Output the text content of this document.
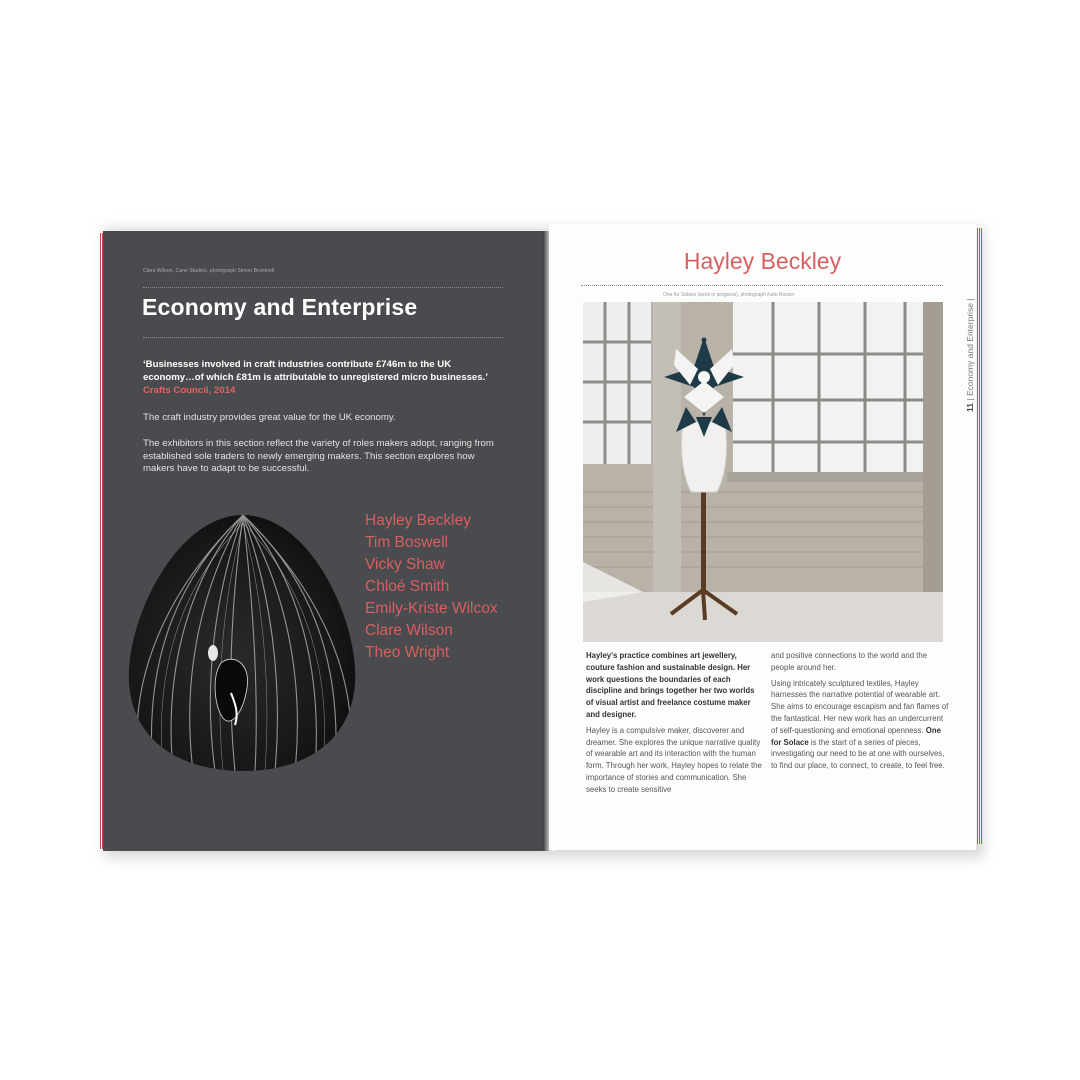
Clare Wilson, Cane Studies, photograph Simon Bruntnell
Economy and Enterprise
‘Businesses involved in craft industries contribute £746m to the UK economy…of which £81m is attributable to unregistered micro businesses.’
Crafts Council, 2014
The craft industry provides great value for the UK economy.
The exhibitors in this section reflect the variety of roles makers adopt, ranging from established sole traders to newly emerging makers. This section explores how makers have to adapt to be successful.
Hayley Beckley
Tim Boswell
Vicky Shaw
Chloé Smith
Emily-Kriste Wilcox
Clare Wilson
Theo Wright
Hayley Beckley
One for Solace (work in progress), photograph Kate Rossin
11 | Economy and Enterprise |

Hayley's practice combines art jewellery, couture fashion and sustainable design. Her work questions the boundaries of each discipline and brings together her two worlds of visual artist and freelance costume maker and designer.

Hayley is a compulsive maker, discoverer and dreamer. She explores the unique narrative quality of wearable art and its interaction with the human form. Through her work, Hayley hopes to relate the importance of stories and communication. She seeks to create sensitive

and positive connections to the world and the people around her.

Using intricately sculptured textiles, Hayley harnesses the narrative potential of wearable art. She aims to encourage escapism and fan flames of the fantastical. Her new work has an undercurrent of self-questioning and emotional openness. One for Solace is the start of a series of pieces, investigating our need to be at one with ourselves, to find our place, to connect, to create, to feel free.
